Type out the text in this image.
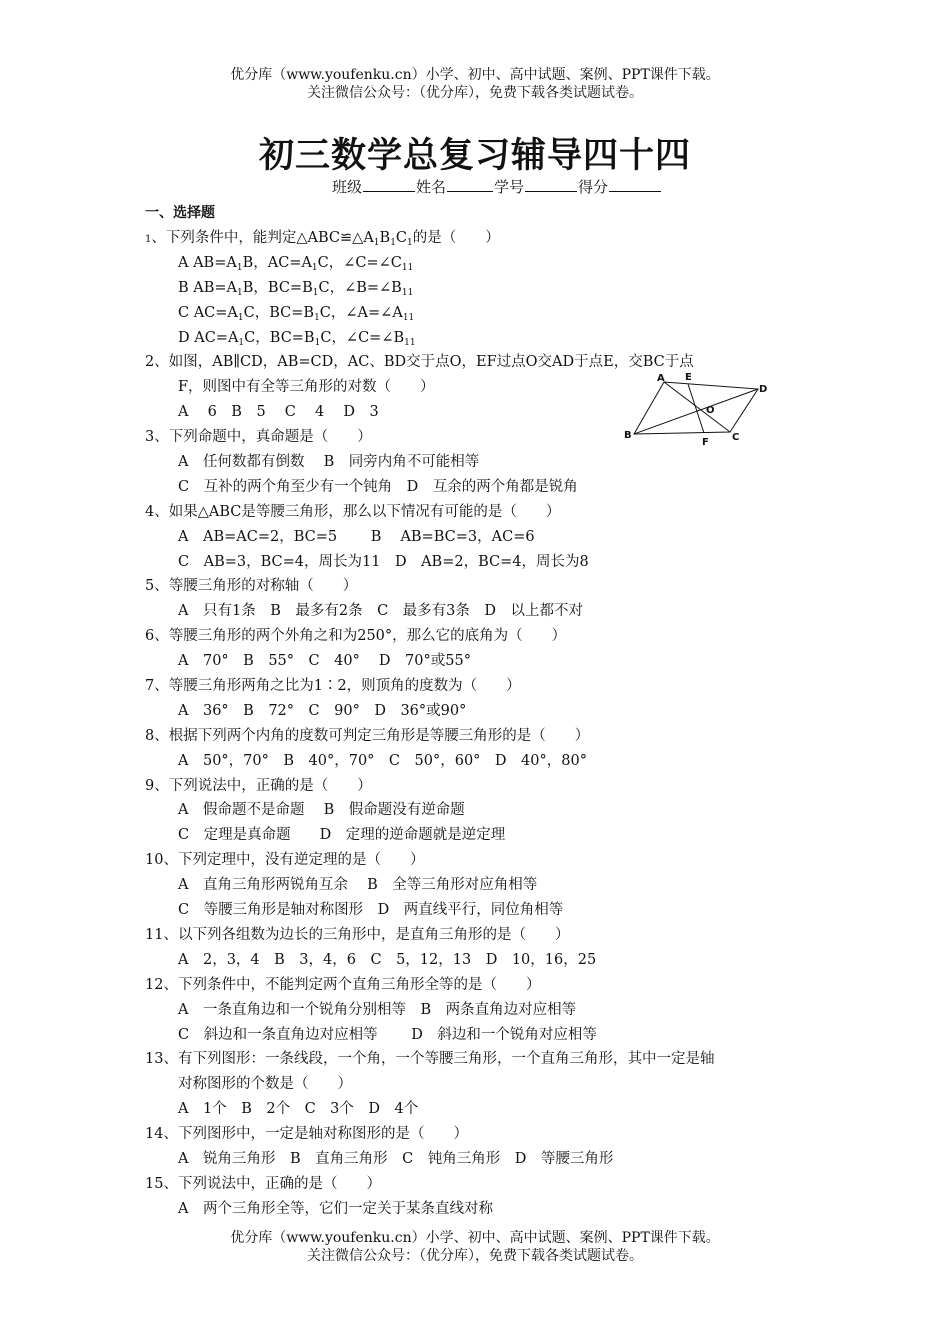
优分库（www.youfenku.cn）小学、初中、高中试题、案例、PPT课件下载。
关注微信公众号：（优分库），免费下载各类试题试卷。
初三数学总复习辅导四十四
班级	姓名	学号	得分
一、选择题
1、下列条件中，能判定$\triangle ABC≌\triangle A_1B_1C_1$的是（　　）
A $AB=A_1B$，$AC=A_1C$，$\angle C=\angle C_{11}$
B $AB=A_1B$，$BC=B_1C$，$\angle B=\angle B_{11}$
C $AC=A_1C$，$BC=B_1C$，$\angle A=\angle A_{11}$
D $AC=A_1C$，$BC=B_1C$，$\angle C=\angle B_{11}$
2、如图，AB∥CD，AB=CD，AC、BD交于点O，EF过点O交AD于点E，交BC于点
F，则图中有全等三角形的对数（　　）
A　 6　B　5　 C　 4　 D　3
3、下列命题中，真命题是（　　）
A　任何数都有倒数　 B　同旁内角不可能相等
C　互补的两个角至少有一个钝角　D　互余的两个角都是锐角
4、如果△ABC是等腰三角形，那么以下情况有可能的是（　　）
A　AB=AC=2，BC=5　　 B　 AB=BC=3，AC=6
C　AB=3，BC=4，周长为11　D　AB=2，BC=4，周长为8
5、等腰三角形的对称轴（　　）
A　只有1条　B　最多有2条　C　最多有3条　D　以上都不对
6、等腰三角形的两个外角之和为250°，那么它的底角为（　　）
A　70°　B　55°　C　40°　 D　70°或55°
7、等腰三角形两角之比为1∶2，则顶角的度数为（　　）
A　36°　B　72°　C　90°　D　36°或90°
8、根据下列两个内角的度数可判定三角形是等腰三角形的是（　　）
A　50°，70°　B　40°，70°　C　50°，60°　D　40°，80°
9、下列说法中，正确的是（　　）
A　假命题不是命题　 B　假命题没有逆命题
C　定理是真命题　　D　定理的逆命题就是逆定理
10、下列定理中，没有逆定理的是（　　）
A　直角三角形两锐角互余　 B　全等三角形对应角相等
C　等腰三角形是轴对称图形　D　两直线平行，同位角相等
11、以下列各组数为边长的三角形中，是直角三角形的是（　　）
A　2，3，4　B　3，4，6　C　5，12，13　D　10，16，25
12、下列条件中，不能判定两个直角三角形全等的是（　　）
A　一条直角边和一个锐角分别相等　B　两条直角边对应相等
C　斜边和一条直角边对应相等　　 D　斜边和一个锐角对应相等
13、有下列图形：一条线段，一个角，一个等腰三角形，一个直角三角形，其中一定是轴
对称图形的个数是（　　）
A　1个　B　2个　C　3个　D　4个
14、下列图形中，一定是轴对称图形的是（　　）
A　锐角三角形　B　直角三角形　C　钝角三角形　D　等腰三角形
15、下列说法中，正确的是（　　）
A　两个三角形全等，它们一定关于某条直线对称
A E
D
O
B
F C
优分库（www.youfenku.cn）小学、初中、高中试题、案例、PPT课件下载。
关注微信公众号：（优分库），免费下载各类试题试卷。
